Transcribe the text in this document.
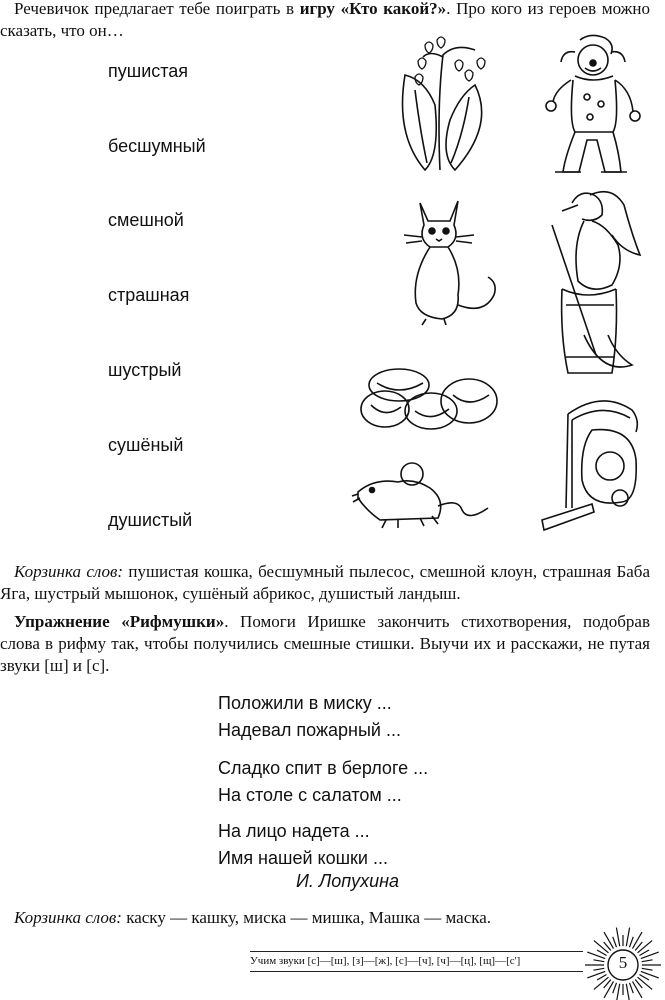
Речевичок предлагает тебе поиграть в игру «Кто какой?». Про кого из героев можно сказать, что он…
пушистая
бесшумный
смешной
страшная
шустрый
сушёный
душистый
Корзинка слов: пушистая кошка, бесшумный пылесос, смешной клоун, страшная Баба Яга, шустрый мышонок, сушёный абрикос, душистый ландыш.
Упражнение «Рифмушки». Помоги Иришке закончить стихотворения, подобрав слова в рифму так, чтобы получились смешные стишки. Выучи их и расскажи, не путая звуки [ш] и [с].
Положили в миску ...
Надевал пожарный ...
Сладко спит в берлоге ...
На столе с салатом ...
На лицо надета ...
Имя нашей кошки ...
И. Лопухина
Корзинка слов: каску — кашку, миска — мишка, Машка — маска.
Учим звуки [с]—[ш], [з]—[ж], [с]—[ч], [ч]—[ц], [щ]—[с']	5
